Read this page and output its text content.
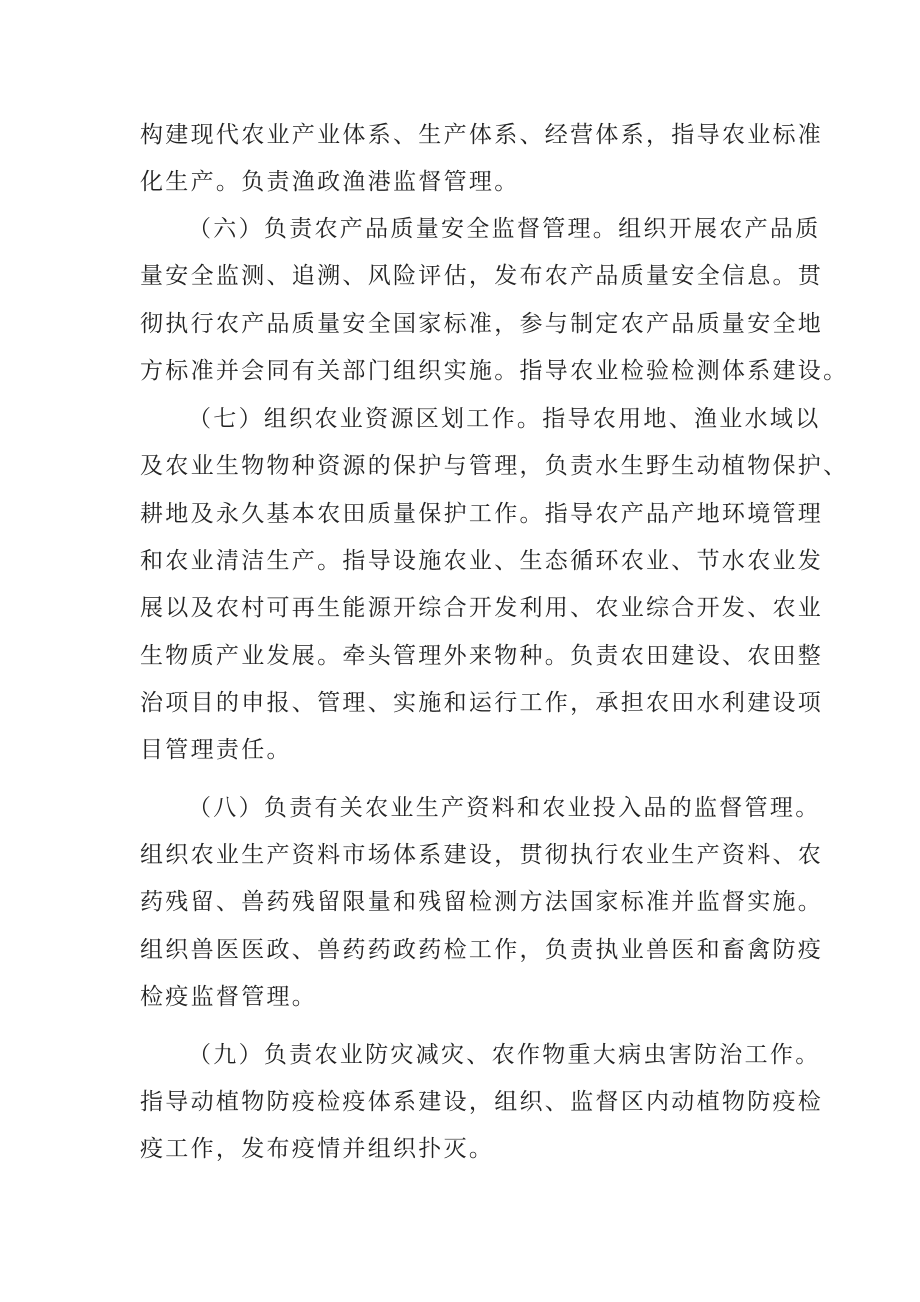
构建现代农业产业体系、生产体系、经营体系，指导农业标准
化生产。负责渔政渔港监督管理。
（六）负责农产品质量安全监督管理。组织开展农产品质
量安全监测、追溯、风险评估，发布农产品质量安全信息。贯
彻执行农产品质量安全国家标准，参与制定农产品质量安全地
方标准并会同有关部门组织实施。指导农业检验检测体系建设。
（七）组织农业资源区划工作。指导农用地、渔业水域以
及农业生物物种资源的保护与管理，负责水生野生动植物保护、
耕地及永久基本农田质量保护工作。指导农产品产地环境管理
和农业清洁生产。指导设施农业、生态循环农业、节水农业发
展以及农村可再生能源开综合开发利用、农业综合开发、农业
生物质产业发展。牵头管理外来物种。负责农田建设、农田整
治项目的申报、管理、实施和运行工作，承担农田水利建设项
目管理责任。
（八）负责有关农业生产资料和农业投入品的监督管理。
组织农业生产资料市场体系建设，贯彻执行农业生产资料、农
药残留、兽药残留限量和残留检测方法国家标准并监督实施。
组织兽医医政、兽药药政药检工作，负责执业兽医和畜禽防疫
检疫监督管理。
（九）负责农业防灾减灾、农作物重大病虫害防治工作。
指导动植物防疫检疫体系建设，组织、监督区内动植物防疫检
疫工作，发布疫情并组织扑灭。
